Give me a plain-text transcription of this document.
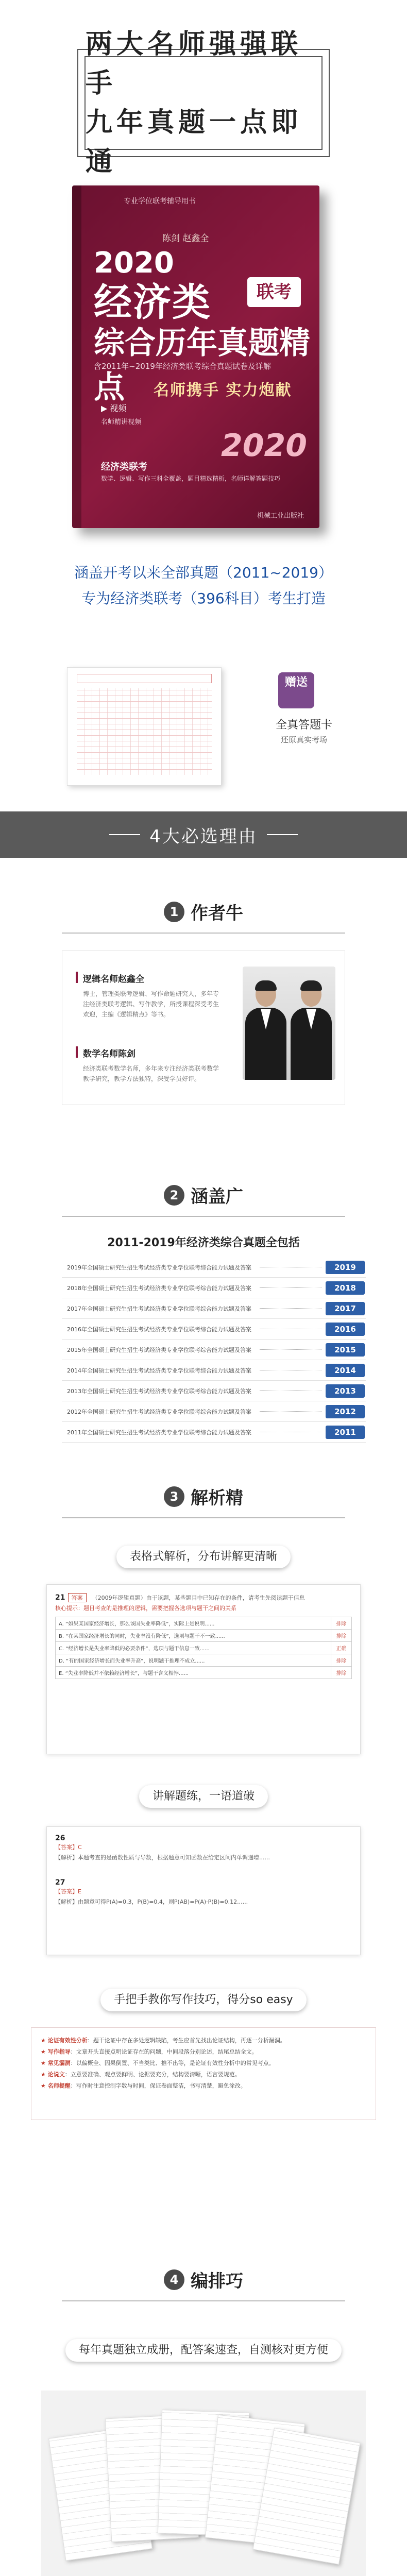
两大名师强强联手
九年真题一点即通
专业学位联考辅导用书
陈剑 赵鑫全
2020
经济类	联考
综合历年真题精点
含2011年~2019年经济类联考综合真题试卷及详解
名师携手 实力炮献
▶ 视频
名师精讲视频
经济类联考
数学、逻辑、写作三科全覆盖，题目精选精析，名师详解答题技巧
2020
机械工业出版社
涵盖开考以来全部真题（2011~2019）
专为经济类联考（396科目）考生打造
赠送
全真答题卡
还原真实考场
4大必选理由
1 作者牛
逻辑名师赵鑫全
博士，管理类联考逻辑、写作命题研究人，多年专注经济类联考逻辑、写作教学，所授课程深受考生欢迎，主编《逻辑精点》等书。
数学名师陈剑
经济类联考数学名师，多年来专注经济类联考数学教学研究，教学方法独特，深受学员好评。
2 涵盖广
2011-2019年经济类综合真题全包括
2019年全国硕士研究生招生考试经济类专业学位联考综合能力试题及答案	2019
2018年全国硕士研究生招生考试经济类专业学位联考综合能力试题及答案	2018
2017年全国硕士研究生招生考试经济类专业学位联考综合能力试题及答案	2017
2016年全国硕士研究生招生考试经济类专业学位联考综合能力试题及答案	2016
2015年全国硕士研究生招生考试经济类专业学位联考综合能力试题及答案	2015
2014年全国硕士研究生招生考试经济类专业学位联考综合能力试题及答案	2014
2013年全国硕士研究生招生考试经济类专业学位联考综合能力试题及答案	2013
2012年全国硕士研究生招生考试经济类专业学位联考综合能力试题及答案	2012
2011年全国硕士研究生招生考试经济类专业学位联考综合能力试题及答案	2011
3 解析精
表格式解析，分布讲解更清晰
21 答案 （2009年逻辑真题）由于该题，某些题目中已知存在的条件，请考生先阅读题干信息
核心提示：题目考查的是推理的逻辑，需要把握各选项与题干之间的关系
A. “如果某国家经济增长，那么该国失业率降低”，实际上是说明......	排除
B. “在某国家经济增长的同时，失业率没有降低”，选项与题干不一致......	排除
C. “经济增长是失业率降低的必要条件”，选项与题干信息一致......	正确
D. “有的国家经济增长而失业率升高”，说明题干推理不成立......	排除
E. “失业率降低并不依赖经济增长”，与题干含义相悖......	排除
讲解题练，一语道破
26
【答案】C
【解析】本题考查的是函数性质与导数，根据题意可知函数在给定区间内单调递增......
27
【答案】E
【解析】由题意可得P(A)=0.3，P(B)=0.4，则P(AB)=P(A)·P(B)=0.12......
手把手教你写作技巧，得分so easy
★ 论证有效性分析：题干论证中存在多处逻辑缺陷，考生应首先找出论证结构，再逐一分析漏洞。
★ 写作指导：文章开头直接点明论证存在的问题，中间段落分别论述，结尾总结全文。
★ 常见漏洞：以偏概全、因果倒置、不当类比、推不出等，是论证有效性分析中的常见考点。
★ 论说文：立意要准确、观点要鲜明、论据要充分，结构要清晰，语言要规范。
★ 名师提醒：写作时注意控制字数与时间，保证卷面整洁，书写清楚，避免涂改。
4 编排巧
每年真题独立成册，配答案速查，自测核对更方便
